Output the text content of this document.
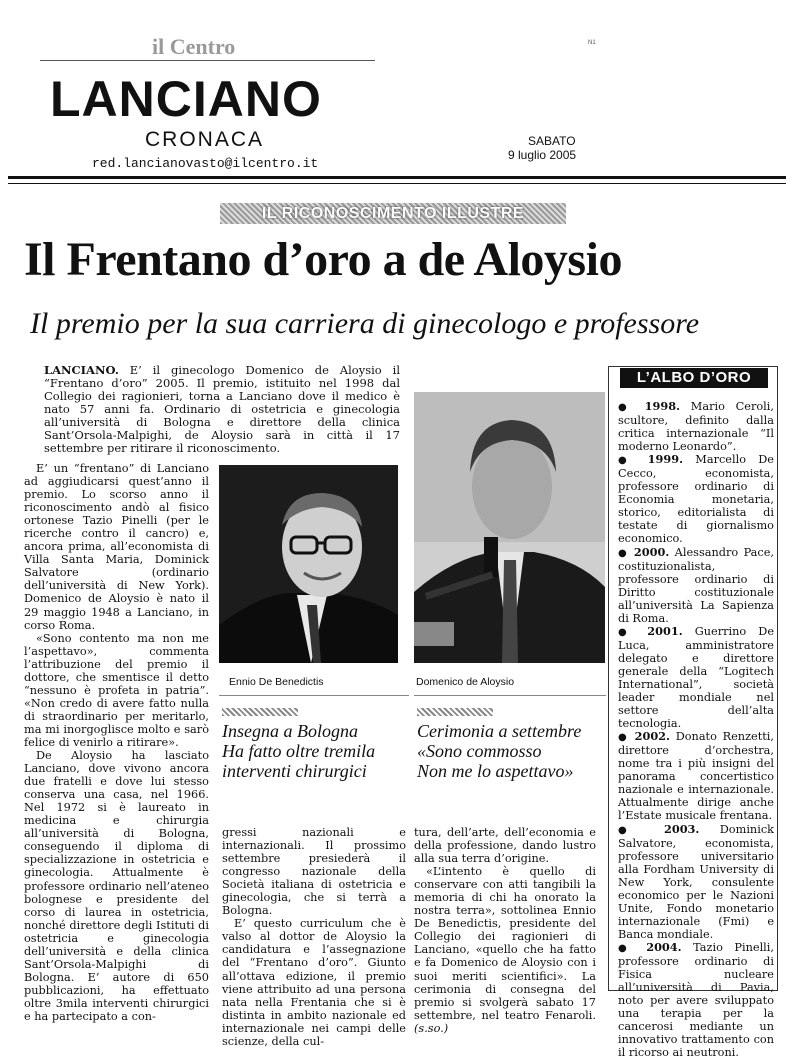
il Centro
LANCIANO
CRONACA
red.lancianovasto@ilcentro.it
N1
SABATO
9 luglio 2005
IL RICONOSCIMENTO ILLUSTRE
Il Frentano d’oro a de Aloysio
Il premio per la sua carriera di ginecologo e professore
LANCIANO. E’ il ginecologo Domenico de Aloysio il “Frentano d’oro” 2005. Il premio, istituito nel 1998 dal Collegio dei ragionieri, torna a Lanciano dove il medico è nato 57 anni fa. Ordinario di ostetricia e ginecologia all’università di Bologna e direttore della clinica Sant’Orsola-Malpighi, de Aloysio sarà in città il 17 settembre per ritirare il riconoscimento.

E’ un “frentano” di Lanciano ad aggiudicarsi quest’anno il premio. Lo scorso anno il riconoscimento andò al fisico ortonese Tazio Pinelli (per le ricerche contro il cancro) e, ancora prima, all’economista di Villa Santa Maria, Dominick Salvatore (ordinario dell’università di New York). Domenico de Aloysio è nato il 29 maggio 1948 a Lanciano, in corso Roma.

«Sono contento ma non me l’aspettavo», commenta l’attribuzione del premio il dottore, che smentisce il detto “nessuno è profeta in patria”. «Non credo di avere fatto nulla di straordinario per meritarlo, ma mi inorgoglisce molto e sarò felice di venirlo a ritirare».

De Aloysio ha lasciato Lanciano, dove vivono ancora due fratelli e dove lui stesso conserva una casa, nel 1966. Nel 1972 si è laureato in medicina e chirurgia all’università di Bologna, conseguendo il diploma di specializzazione in ostetricia e ginecologia. Attualmente è professore ordinario nell’ateneo bolognese e presidente del corso di laurea in ostetricia, nonché direttore degli Istituti di ostetricia e ginecologia dell’università e della clinica Sant’Orsola-Malpighi di Bologna. E’ autore di 650 pubblicazioni, ha effettuato oltre 3mila interventi chirurgici e ha partecipato a con-

Ennio De Benedictis	Domenico de Aloysio
Insegna a Bologna
Ha fatto oltre tremila
interventi chirurgici
Cerimonia a settembre
«Sono commosso
Non me lo aspettavo»

gressi nazionali e internazionali. Il prossimo settembre presiederà il congresso nazionale della Società italiana di ostetricia e ginecologia, che si terrà a Bologna.

E’ questo curriculum che è valso al dottor de Aloysio la candidatura e l’assegnazione del “Frentano d’oro”. Giunto all’ottava edizione, il premio viene attribuito ad una persona nata nella Frentania che si è distinta in ambito nazionale ed internazionale nei campi delle scienze, della cul-

tura, dell’arte, dell’economia e della professione, dando lustro alla sua terra d’origine.

«L’intento è quello di conservare con atti tangibili la memoria di chi ha onorato la nostra terra», sottolinea Ennio De Benedictis, presidente del Collegio dei ragionieri di Lanciano, «quello che ha fatto e fa Domenico de Aloysio con i suoi meriti scientifici». La cerimonia di consegna del premio si svolgerà sabato 17 settembre, nel teatro Fenaroli. (s.so.)

L’ALBO D’ORO
● 1998. Mario Ceroli, scultore, definito dalla critica internazionale “Il moderno Leonardo”.
● 1999. Marcello De Cecco, economista, professore ordinario di Economia monetaria, storico, editorialista di testate di giornalismo economico.
● 2000. Alessandro Pace, costituzionalista, professore ordinario di Diritto costituzionale all’università La Sapienza di Roma.
● 2001. Guerrino De Luca, amministratore delegato e direttore generale della “Logitech International”, società leader mondiale nel settore dell’alta tecnologia.
● 2002. Donato Renzetti, direttore d’orchestra, nome tra i più insigni del panorama concertistico nazionale e internazionale. Attualmente dirige anche l’Estate musicale frentana.
● 2003. Dominick Salvatore, economista, professore universitario alla Fordham University di New York, consulente economico per le Nazioni Unite, Fondo monetario internazionale (Fmi) e Banca mondiale.
● 2004. Tazio Pinelli, professore ordinario di Fisica nucleare all’università di Pavia, noto per avere sviluppato una terapia per la cancerosi mediante un innovativo trattamento con il ricorso ai neutroni.
